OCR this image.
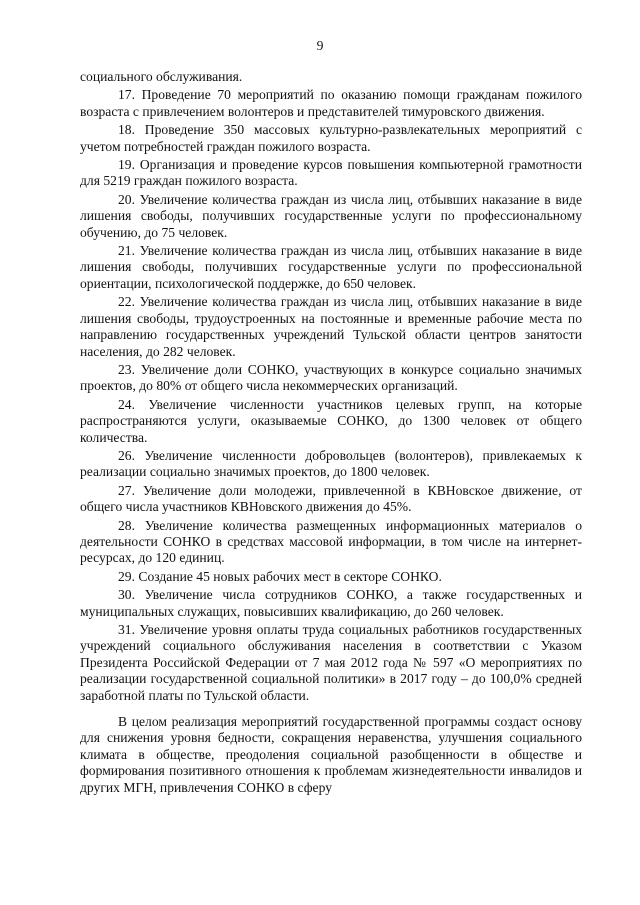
9

социального обслуживания.

17. Проведение 70 мероприятий по оказанию помощи гражданам пожилого возраста с привлечением волонтеров и представителей тимуровского движения.

18. Проведение 350 массовых культурно-развлекательных мероприятий с учетом потребностей граждан пожилого возраста.

19. Организация и проведение курсов повышения компьютерной грамотности для 5219 граждан пожилого возраста.

20. Увеличение количества граждан из числа лиц, отбывших наказание в виде лишения свободы, получивших государственные услуги по профессиональному обучению, до 75 человек.

21. Увеличение количества граждан из числа лиц, отбывших наказание в виде лишения свободы, получивших государственные услуги по профессиональной ориентации, психологической поддержке, до 650 человек.

22. Увеличение количества граждан из числа лиц, отбывших наказание в виде лишения свободы, трудоустроенных на постоянные и временные рабочие места по направлению государственных учреждений Тульской области центров занятости населения, до 282 человек.

23. Увеличение доли СОНКО, участвующих в конкурсе социально значимых проектов, до 80% от общего числа некоммерческих организаций.

24. Увеличение численности участников целевых групп, на которые распространяются услуги, оказываемые СОНКО, до 1300 человек от общего количества.

26. Увеличение численности добровольцев (волонтеров), привлекаемых к реализации социально значимых проектов, до 1800 человек.

27. Увеличение доли молодежи, привлеченной в КВНовское движение, от общего числа участников КВНовского движения до 45%.

28. Увеличение количества размещенных информационных материалов о деятельности СОНКО в средствах массовой информации, в том числе на интернет-ресурсах, до 120 единиц.

29. Создание 45 новых рабочих мест в секторе СОНКО.

30. Увеличение числа сотрудников СОНКО, а также государственных и муниципальных служащих, повысивших квалификацию, до 260 человек.

31. Увеличение уровня оплаты труда социальных работников государственных учреждений социального обслуживания населения в соответствии с Указом Президента Российской Федерации от 7 мая 2012 года № 597 «О мероприятиях по реализации государственной социальной политики» в 2017 году – до 100,0% средней заработной платы по Тульской области.

В целом реализация мероприятий государственной программы создаст основу для снижения уровня бедности, сокращения неравенства, улучшения социального климата в обществе, преодоления социальной разобщенности в обществе и формирования позитивного отношения к проблемам жизнедеятельности инвалидов и других МГН, привлечения СОНКО в сферу
